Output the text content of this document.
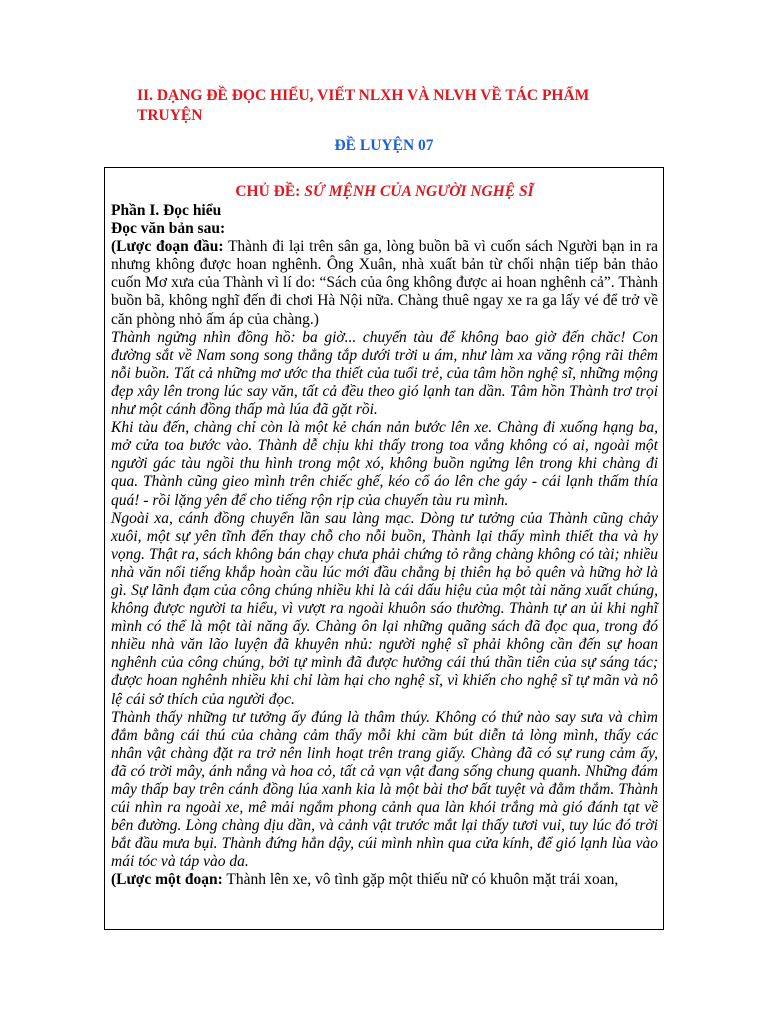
II. DẠNG ĐỀ ĐỌC HIỂU, VIẾT NLXH VÀ NLVH VỀ TÁC PHẨM TRUYỆN
ĐỀ LUYỆN 07
CHỦ ĐỀ: SỨ MỆNH CỦA NGƯỜI NGHỆ SĨ
Phần I. Đọc hiểu
Đọc văn bản sau:
(Lược đoạn đầu: Thành đi lại trên sân ga, lòng buồn bã vì cuốn sách Người bạn in ra nhưng không được hoan nghênh. Ông Xuân, nhà xuất bản từ chối nhận tiếp bản thảo cuốn Mơ xưa của Thành vì lí do: “Sách của ông không được ai hoan nghênh cả”. Thành buồn bã, không nghĩ đến đi chơi Hà Nội nữa. Chàng thuê ngay xe ra ga lấy vé để trở về căn phòng nhỏ ấm áp của chàng.)
Thành ngửng nhìn đồng hồ: ba giờ... chuyến tàu để không bao giờ đến chăc! Con đường sắt về Nam song song thẳng tắp dưới trời u ám, như làm xa văng rộng rãi thêm nỗi buồn. Tất cả những mơ ước tha thiết của tuổi trẻ, của tâm hồn nghệ sĩ, những mộng đẹp xây lên trong lúc say văn, tất cả đều theo gió lạnh tan dần. Tâm hồn Thành trơ trọi như một cánh đồng thấp mà lúa đã gặt rồi.
Khi tàu đến, chàng chỉ còn là một kẻ chán nản bước lên xe. Chàng đi xuống hạng ba, mở cửa toa bước vào. Thành dễ chịu khi thấy trong toa vắng không có ai, ngoài một người gác tàu ngồi thu hình trong một xó, không buồn ngửng lên trong khi chàng đi qua. Thành cũng gieo mình trên chiếc ghế, kéo cổ áo lên che gáy - cái lạnh thấm thía quá! - rồi lặng yên để cho tiếng rộn rịp của chuyến tàu ru mình.
Ngoài xa, cánh đồng chuyển lần sau làng mạc. Dòng tư tưởng của Thành cũng chảy xuôi, một sự yên tĩnh đến thay chỗ cho nỗi buồn, Thành lại thấy mình thiết tha và hy vọng. Thật ra, sách không bán chạy chưa phải chứng tỏ rằng chàng không có tài; nhiều nhà văn nổi tiếng khắp hoàn cầu lúc mới đầu chẳng bị thiên hạ bỏ quên và hững hờ là gì. Sự lãnh đạm của công chúng nhiều khi là cái dấu hiệu của một tài năng xuất chúng, không được người ta hiểu, vì vượt ra ngoài khuôn sáo thường. Thành tự an ủi khi nghĩ mình có thể là một tài năng ấy. Chàng ôn lại những quãng sách đã đọc qua, trong đó nhiều nhà văn lão luyện đã khuyên nhủ: người nghệ sĩ phải không cần đến sự hoan nghênh của công chúng, bởi tự mình đã được hưởng cái thú thần tiên của sự sáng tác; được hoan nghênh nhiều khi chỉ làm hại cho nghệ sĩ, vì khiến cho nghệ sĩ tự mãn và nô lệ cái sở thích của người đọc.
Thành thấy những tư tưởng ấy đúng là thâm thúy. Không có thứ nào say sưa và chìm đắm bằng cái thú của chàng cảm thấy mỗi khi cầm bút diễn tả lòng mình, thấy các nhân vật chàng đặt ra trở nên linh hoạt trên trang giấy. Chàng đã có sự rung cảm ấy, đã có trời mây, ánh nắng và hoa cỏ, tất cả vạn vật đang sống chung quanh. Những đám mây thấp bay trên cánh đồng lúa xanh kia là một bài thơ bất tuyệt và đằm thắm. Thành cúi nhìn ra ngoài xe, mê mải ngắm phong cảnh qua làn khói trắng mà gió đánh tạt về bên đường. Lòng chàng dịu dần, và cảnh vật trước mắt lại thấy tươi vui, tuy lúc đó trời bắt đầu mưa bụi. Thành đứng hẳn dậy, cúi mình nhìn qua cửa kính, để gió lạnh lùa vào mái tóc và táp vào da.
(Lược một đoạn: Thành lên xe, vô tình gặp một thiếu nữ có khuôn mặt trái xoan,
